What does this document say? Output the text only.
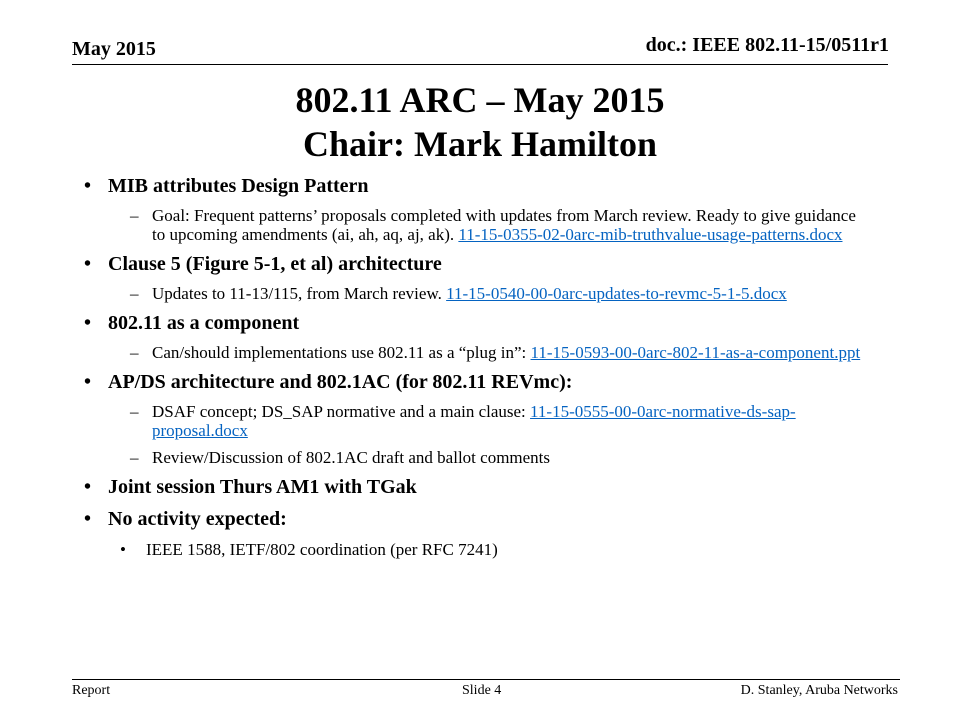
May 2015	doc.: IEEE 802.11-15/0511r1
802.11 ARC – May 2015
Chair: Mark Hamilton
• MIB attributes Design Pattern
– Goal: Frequent patterns’ proposals completed with updates from March review. Ready to give guidance to upcoming amendments (ai, ah, aq, aj, ak). 11-15-0355-02-0arc-mib-truthvalue-usage-patterns.docx
• Clause 5 (Figure 5-1, et al) architecture
– Updates to 11-13/115, from March review. 11-15-0540-00-0arc-updates-to-revmc-5-1-5.docx
• 802.11 as a component
– Can/should implementations use 802.11 as a “plug in”: 11-15-0593-00-0arc-802-11-as-a-component.ppt
• AP/DS architecture and 802.1AC (for 802.11 REVmc):
– DSAF concept; DS_SAP normative and a main clause: 11-15-0555-00-0arc-normative-ds-sap-proposal.docx
– Review/Discussion of 802.1AC draft and ballot comments
• Joint session Thurs AM1 with TGak
• No activity expected:
• IEEE 1588, IETF/802 coordination (per RFC 7241)
Report	Slide 4	D. Stanley, Aruba Networks
